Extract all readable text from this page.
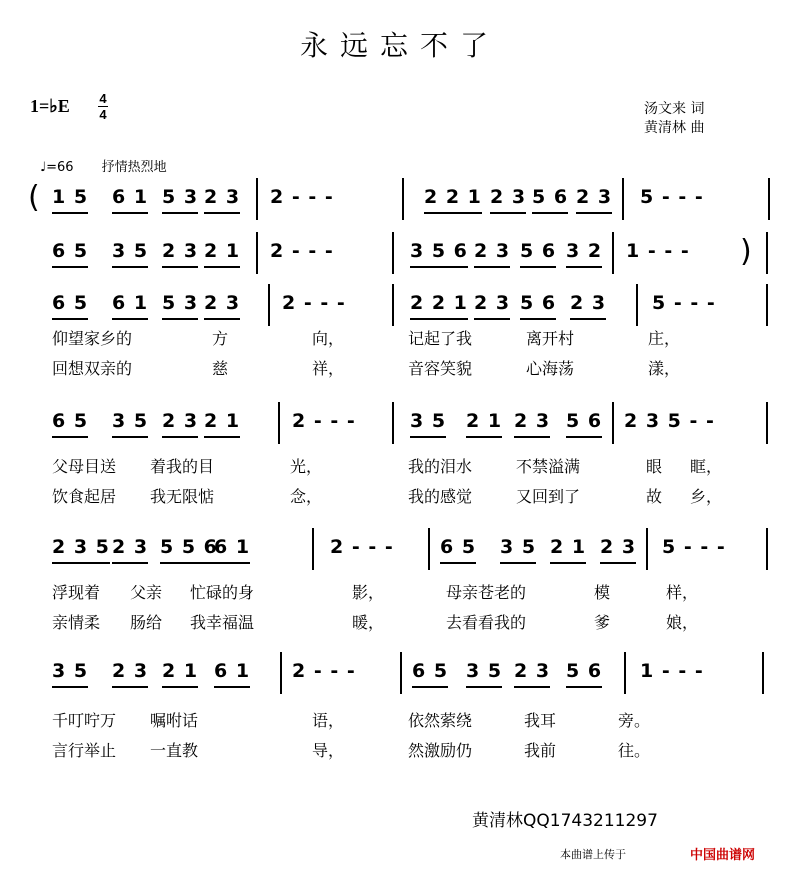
永远忘不了
1=♭E 4
4	汤文来 词
黄清林 曲
♩=66 抒情热烈地
(
)
1 5 6 1 5 3 2 3 2 - - -	2 2 1 2 3 5 6 2 3 5 - - -
6 5 3 5 2 3 2 1 2 - - -	3 5 6 2 3 5 6 3 2 1 - - -
6 5 6 1 5 3 2 3 2 - - -	2 2 1 2 3 5 6 2 3 5 - - -
6 5 3 5 2 3 2 1	2 - - -	3 5 2 1 2 3 5 6 2 3 5 - -
2 3 5 2 3 5 5 6
6 1	2 - - - 6 5 3 5 2 1 2 3 5 - - -
3 5 2 3 2 1 6 1 2 - - -	6 5 3 5 2 3 5 6 1 - - -
仰望家乡的	方	向，	记起了我	离开村	庄，
回想双亲的	慈	祥，	音容笑貌	心海荡	漾，
父母目送 着我的目	光，	我的泪水	不禁溢满	眼 眶，
饮食起居 我无限惦	念，	我的感觉	又回到了	故 乡，
浮现着 父亲 忙碌的身	影，	母亲苍老的	模	样，
亲情柔 肠给 我幸福温	暖，	去看看我的	爹	娘，
千叮咛万 嘱咐话	语，	依然萦绕	我耳	旁。
言行举止 一直教	导，	然激励仍	我前	往。
黄清林QQ1743211297
本曲谱上传于	中国曲谱网
